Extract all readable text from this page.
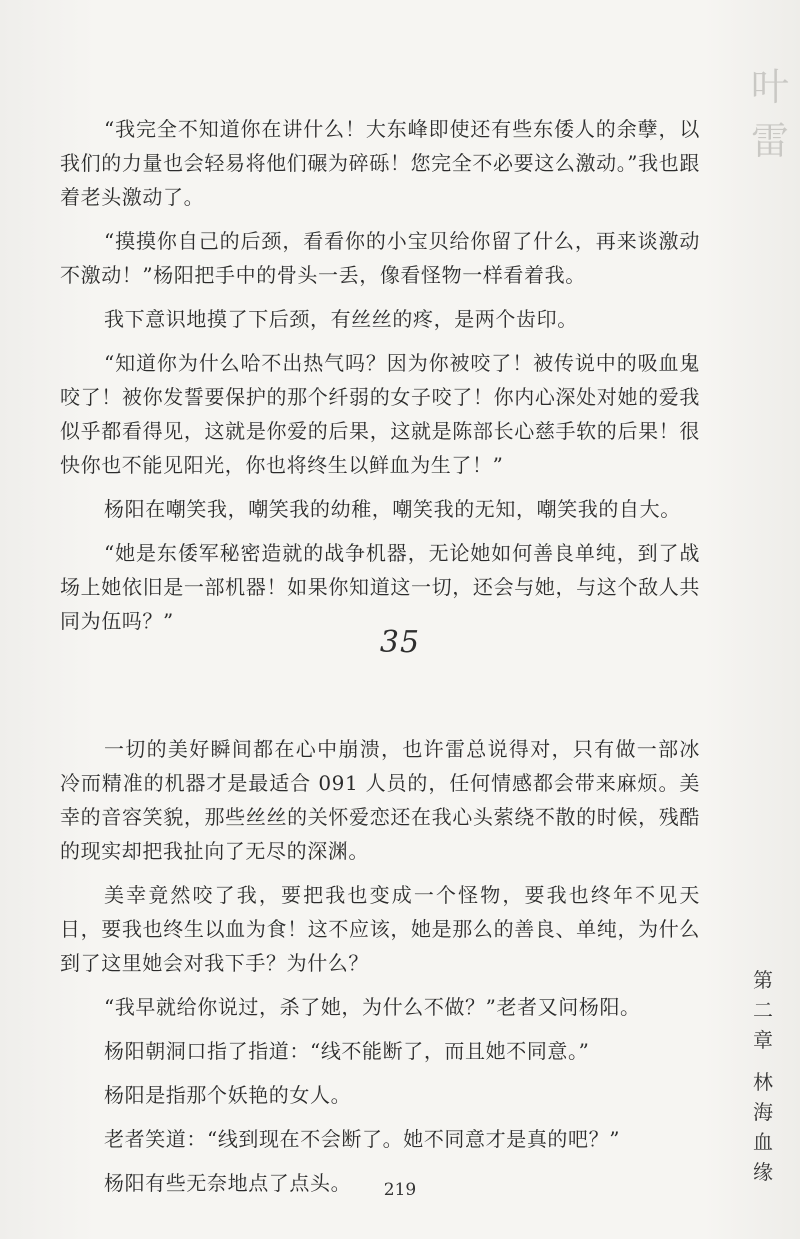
叶
雷

“我完全不知道你在讲什么！大东峰即使还有些东倭人的余孽，以我们的力量也会轻易将他们碾为碎砾！您完全不必要这么激动。”我也跟着老头激动了。

“摸摸你自己的后颈，看看你的小宝贝给你留了什么，再来谈激动不激动！”杨阳把手中的骨头一丢，像看怪物一样看着我。

我下意识地摸了下后颈，有丝丝的疼，是两个齿印。

“知道你为什么哈不出热气吗？因为你被咬了！被传说中的吸血鬼咬了！被你发誓要保护的那个纤弱的女子咬了！你内心深处对她的爱我似乎都看得见，这就是你爱的后果，这就是陈部长心慈手软的后果！很快你也不能见阳光，你也将终生以鲜血为生了！”

杨阳在嘲笑我，嘲笑我的幼稚，嘲笑我的无知，嘲笑我的自大。

“她是东倭军秘密造就的战争机器，无论她如何善良单纯，到了战场上她依旧是一部机器！如果你知道这一切，还会与她，与这个敌人共同为伍吗？”

35

一切的美好瞬间都在心中崩溃，也许雷总说得对，只有做一部冰冷而精准的机器才是最适合 091 人员的，任何情感都会带来麻烦。美幸的音容笑貌，那些丝丝的关怀爱恋还在我心头萦绕不散的时候，残酷的现实却把我扯向了无尽的深渊。

美幸竟然咬了我，要把我也变成一个怪物，要我也终年不见天日，要我也终生以血为食！这不应该，她是那么的善良、单纯，为什么到了这里她会对我下手？为什么？

“我早就给你说过，杀了她，为什么不做？”老者又问杨阳。

杨阳朝洞口指了指道：“线不能断了，而且她不同意。”

杨阳是指那个妖艳的女人。

老者笑道：“线到现在不会断了。她不同意才是真的吧？”

杨阳有些无奈地点了点头。

第
二
章
林
海
血
缘
219
